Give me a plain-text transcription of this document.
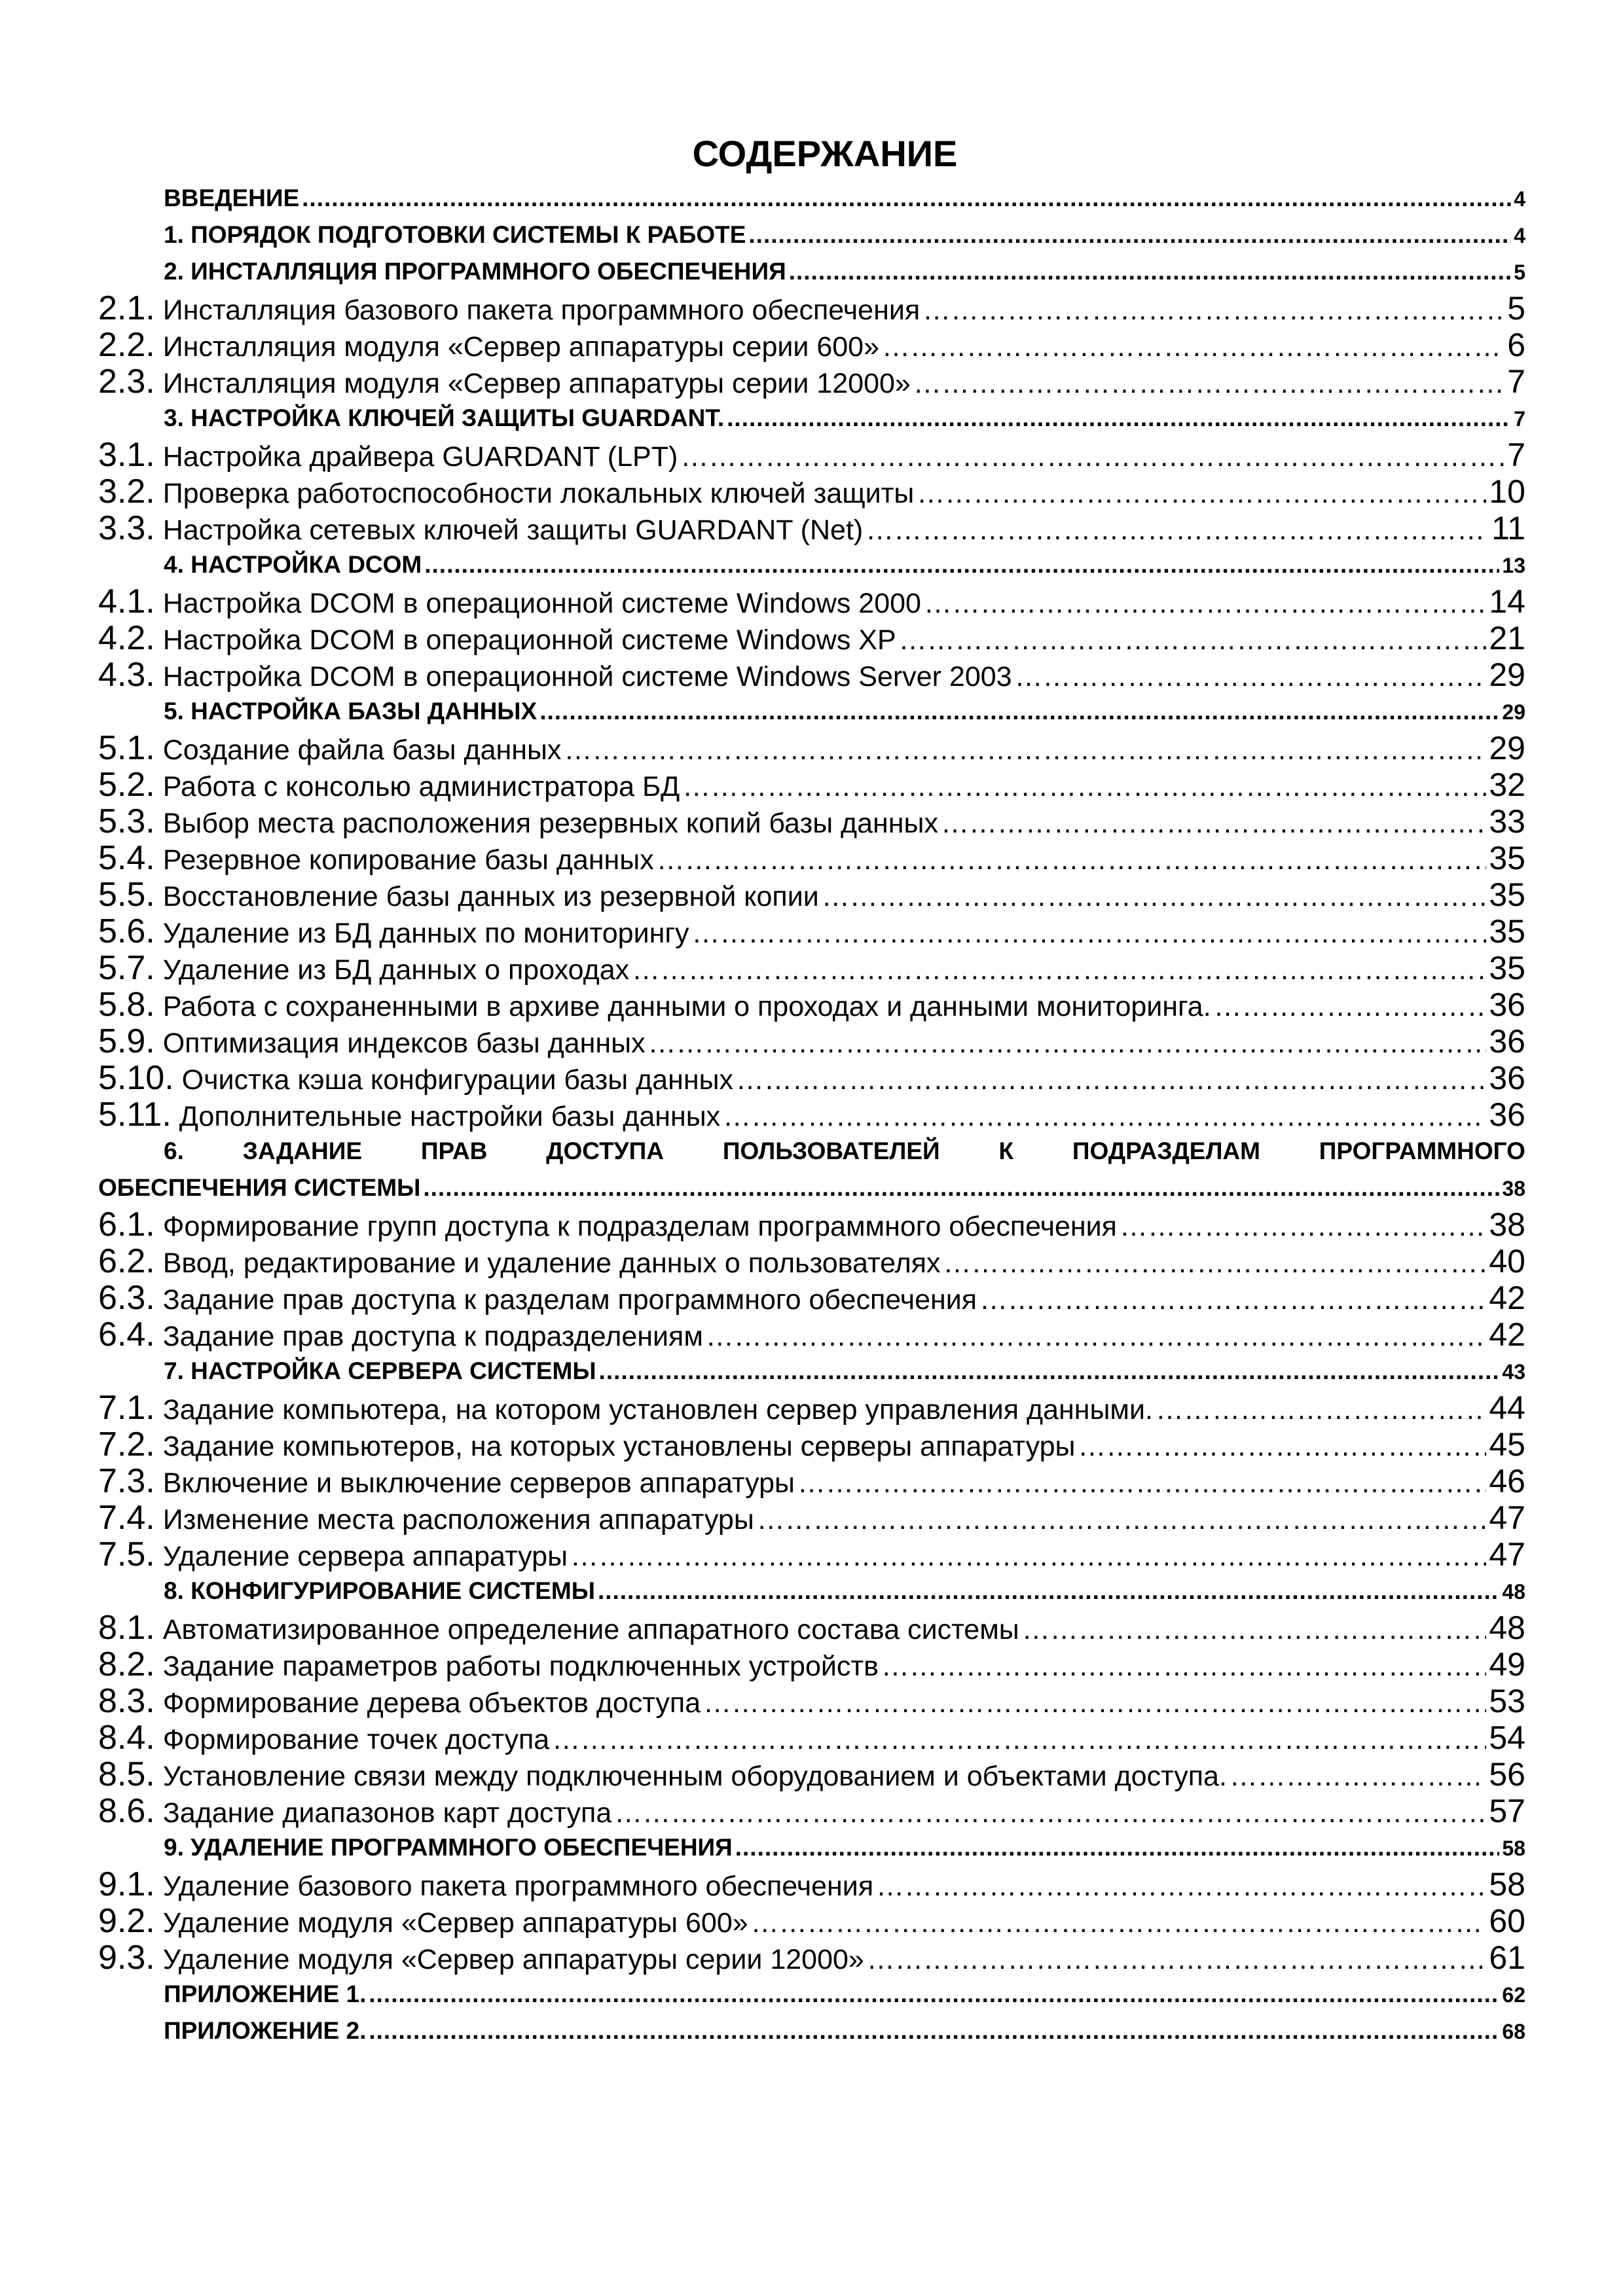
СОДЕРЖАНИЕ
ВВЕДЕНИЕ .....	4
1. ПОРЯДОК ПОДГОТОВКИ СИСТЕМЫ К РАБОТЕ .....	4
2. ИНСТАЛЛЯЦИЯ ПРОГРАММНОГО ОБЕСПЕЧЕНИЯ .....	5
2.1. Инсталляция базового пакета программного обеспечения ……………………………………………………………………………………………………………………………………………………………………………………………………………………………………………………………………………………………………………………………………	5
2.2. Инсталляция модуля «Сервер аппаратуры серии 600» ……………………………………………………………………………………………………………………………………………………………………………………………………………………………………………………………………………………………………………………………………	6
2.3. Инсталляция модуля «Сервер аппаратуры серии 12000» ……………………………………………………………………………………………………………………………………………………………………………………………………………………………………………………………………………………………………………………………………	7
3. НАСТРОЙКА КЛЮЧЕЙ ЗАЩИТЫ GUARDANT. .....	7
3.1. Настройка драйвера GUARDANT (LPT) ……………………………………………………………………………………………………………………………………………………………………………………………………………………………………………………………………………………………………………………………………	7
3.2. Проверка работоспособности локальных ключей защиты ……………………………………………………………………………………………………………………………………………………………………………………………………………………………………………………………………………………………………………………………………	10
3.3. Настройка сетевых ключей защиты GUARDANT (Net) ……………………………………………………………………………………………………………………………………………………………………………………………………………………………………………………………………………………………………………………………………	11
4. НАСТРОЙКА DCOM .....	13
4.1. Настройка DCOM в операционной системе Windows 2000 ……………………………………………………………………………………………………………………………………………………………………………………………………………………………………………………………………………………………………………………………………	14
4.2. Настройка DCOM в операционной системе Windows XP ……………………………………………………………………………………………………………………………………………………………………………………………………………………………………………………………………………………………………………………………………	21
4.3. Настройка DCOM в операционной системе Windows Server 2003 ……………………………………………………………………………………………………………………………………………………………………………………………………………………………………………………………………………………………………………………………………	29
5. НАСТРОЙКА БАЗЫ ДАННЫХ .....	29
5.1. Создание файла базы данных ……………………………………………………………………………………………………………………………………………………………………………………………………………………………………………………………………………………………………………………………………	29
5.2. Работа с консолью администратора БД ……………………………………………………………………………………………………………………………………………………………………………………………………………………………………………………………………………………………………………………………………	32
5.3. Выбор места расположения резервных копий базы данных ……………………………………………………………………………………………………………………………………………………………………………………………………………………………………………………………………………………………………………………………………	33
5.4. Резервное копирование базы данных ……………………………………………………………………………………………………………………………………………………………………………………………………………………………………………………………………………………………………………………………………	35
5.5. Восстановление базы данных из резервной копии ……………………………………………………………………………………………………………………………………………………………………………………………………………………………………………………………………………………………………………………………………	35
5.6. Удаление из БД данных по мониторингу ……………………………………………………………………………………………………………………………………………………………………………………………………………………………………………………………………………………………………………………………………	35
5.7. Удаление из БД данных о проходах ……………………………………………………………………………………………………………………………………………………………………………………………………………………………………………………………………………………………………………………………………	35
5.8. Работа с сохраненными в архиве данными о проходах и данными мониторинга. ……………………………………………………………………………………………………………………………………………………………………………………………………………………………………………………………………………………………………………………………………	36
5.9. Оптимизация индексов базы данных ……………………………………………………………………………………………………………………………………………………………………………………………………………………………………………………………………………………………………………………………………	36
5.10. Очистка кэша конфигурации базы данных ……………………………………………………………………………………………………………………………………………………………………………………………………………………………………………………………………………………………………………………………………	36
5.11. Дополнительные настройки базы данных ……………………………………………………………………………………………………………………………………………………………………………………………………………………………………………………………………………………………………………………………………	36
6. ЗАДАНИЕ ПРАВ ДОСТУПА ПОЛЬЗОВАТЕЛЕЙ К ПОДРАЗДЕЛАМ ПРОГРАММНОГО
ОБЕСПЕЧЕНИЯ СИСТЕМЫ .....	38
6.1. Формирование групп доступа к подразделам программного обеспечения ……………………………………………………………………………………………………………………………………………………………………………………………………………………………………………………………………………………………………………………………………	38
6.2. Ввод, редактирование и удаление данных о пользователях ……………………………………………………………………………………………………………………………………………………………………………………………………………………………………………………………………………………………………………………………………	40
6.3. Задание прав доступа к разделам программного обеспечения ……………………………………………………………………………………………………………………………………………………………………………………………………………………………………………………………………………………………………………………………………	42
6.4. Задание прав доступа к подразделениям ……………………………………………………………………………………………………………………………………………………………………………………………………………………………………………………………………………………………………………………………………	42
7. НАСТРОЙКА СЕРВЕРА СИСТЕМЫ .....	43
7.1. Задание компьютера, на котором установлен сервер управления данными. ……………………………………………………………………………………………………………………………………………………………………………………………………………………………………………………………………………………………………………………………………	44
7.2. Задание компьютеров, на которых установлены серверы аппаратуры ……………………………………………………………………………………………………………………………………………………………………………………………………………………………………………………………………………………………………………………………………	45
7.3. Включение и выключение серверов аппаратуры ……………………………………………………………………………………………………………………………………………………………………………………………………………………………………………………………………………………………………………………………………	46
7.4. Изменение места расположения аппаратуры ……………………………………………………………………………………………………………………………………………………………………………………………………………………………………………………………………………………………………………………………………	47
7.5. Удаление сервера аппаратуры ……………………………………………………………………………………………………………………………………………………………………………………………………………………………………………………………………………………………………………………………………	47
8. КОНФИГУРИРОВАНИЕ СИСТЕМЫ .....	48
8.1. Автоматизированное определение аппаратного состава системы ……………………………………………………………………………………………………………………………………………………………………………………………………………………………………………………………………………………………………………………………………	48
8.2. Задание параметров работы подключенных устройств ……………………………………………………………………………………………………………………………………………………………………………………………………………………………………………………………………………………………………………………………………	49
8.3. Формирование дерева объектов доступа ……………………………………………………………………………………………………………………………………………………………………………………………………………………………………………………………………………………………………………………………………	53
8.4. Формирование точек доступа ……………………………………………………………………………………………………………………………………………………………………………………………………………………………………………………………………………………………………………………………………	54
8.5. Установление связи между подключенным оборудованием и объектами доступа. ……………………………………………………………………………………………………………………………………………………………………………………………………………………………………………………………………………………………………………………………………	56
8.6. Задание диапазонов карт доступа ……………………………………………………………………………………………………………………………………………………………………………………………………………………………………………………………………………………………………………………………………	57
9. УДАЛЕНИЕ ПРОГРАММНОГО ОБЕСПЕЧЕНИЯ .....	58
9.1. Удаление базового пакета программного обеспечения ……………………………………………………………………………………………………………………………………………………………………………………………………………………………………………………………………………………………………………………………………	58
9.2. Удаление модуля «Сервер аппаратуры 600» ……………………………………………………………………………………………………………………………………………………………………………………………………………………………………………………………………………………………………………………………………	60
9.3. Удаление модуля «Сервер аппаратуры серии 12000» ……………………………………………………………………………………………………………………………………………………………………………………………………………………………………………………………………………………………………………………………………	61
ПРИЛОЖЕНИЕ 1. .....	62
ПРИЛОЖЕНИЕ 2. .....	68
